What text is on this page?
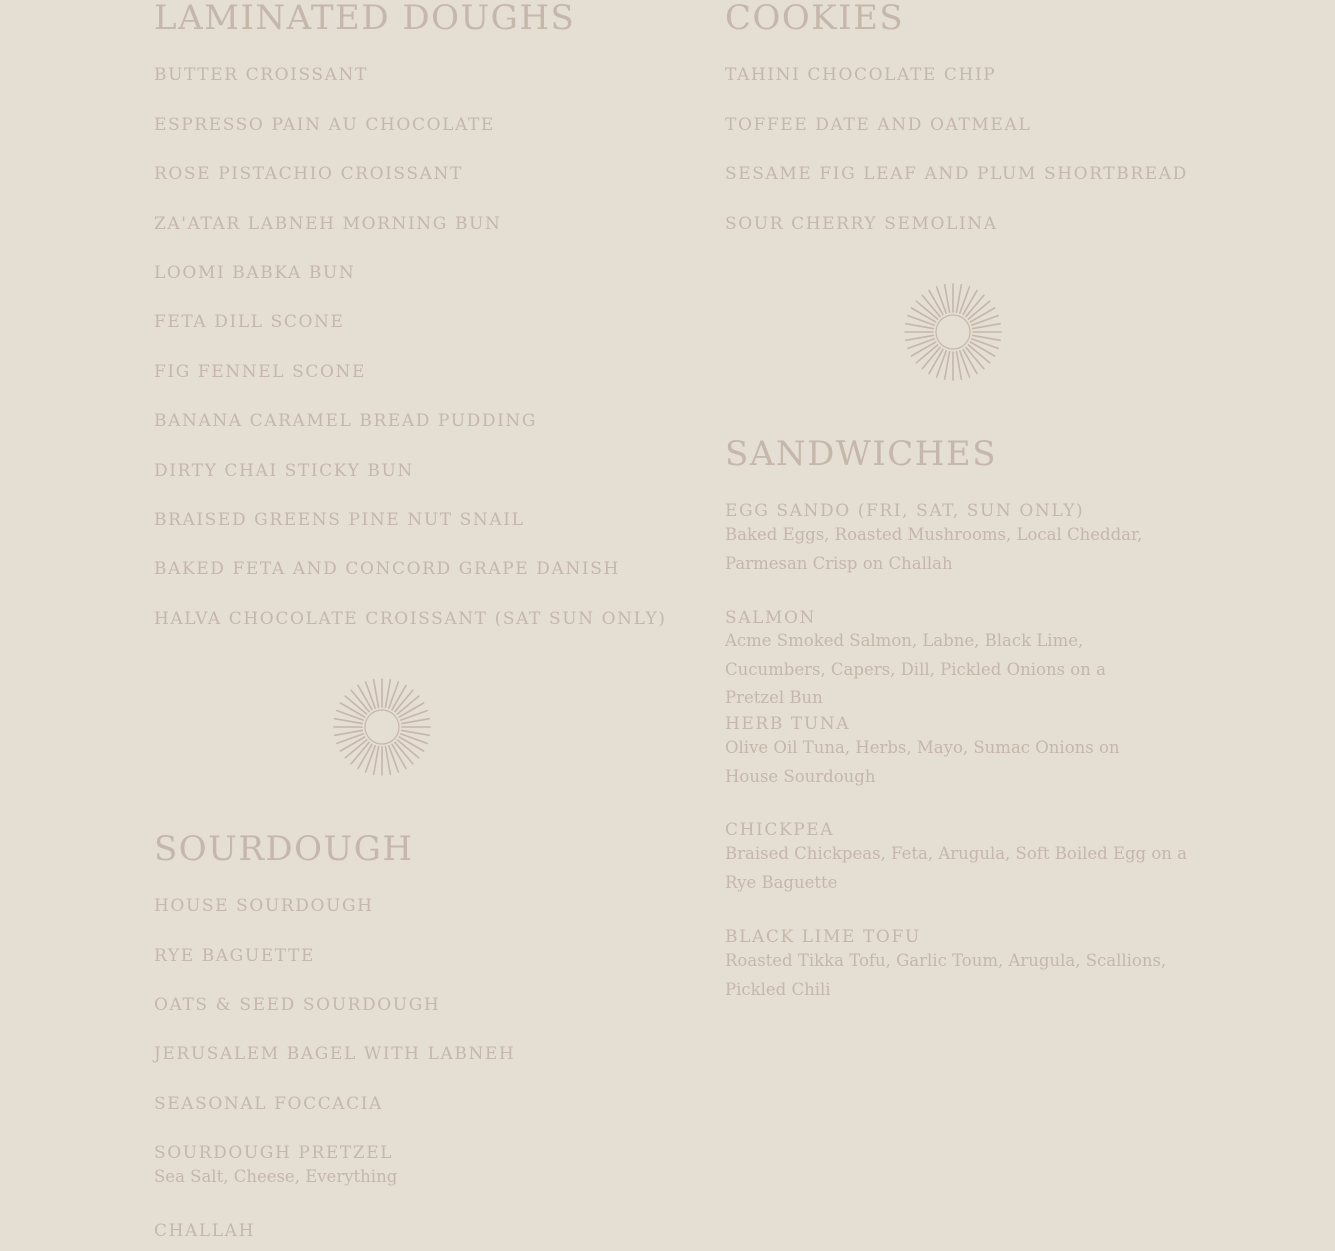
LAMINATED DOUGHS
BUTTER CROISSANT
ESPRESSO PAIN AU CHOCOLATE
ROSE PISTACHIO CROISSANT
ZA'ATAR LABNEH MORNING BUN
LOOMI BABKA BUN
FETA DILL SCONE
FIG FENNEL SCONE
BANANA CARAMEL BREAD PUDDING
DIRTY CHAI STICKY BUN
BRAISED GREENS PINE NUT SNAIL
BAKED FETA AND CONCORD GRAPE DANISH
HALVA CHOCOLATE CROISSANT (SAT SUN ONLY)
SOURDOUGH
HOUSE SOURDOUGH
RYE BAGUETTE
OATS & SEED SOURDOUGH
JERUSALEM BAGEL WITH LABNEH
SEASONAL FOCCACIA
SOURDOUGH PRETZEL
Sea Salt, Cheese, Everything
CHALLAH
COOKIES
TAHINI CHOCOLATE CHIP
TOFFEE DATE AND OATMEAL
SESAME FIG LEAF AND PLUM SHORTBREAD
SOUR CHERRY SEMOLINA
SANDWICHES
EGG SANDO (FRI, SAT, SUN ONLY)
Baked Eggs, Roasted Mushrooms, Local Cheddar, Parmesan Crisp on Challah
SALMON
Acme Smoked Salmon, Labne, Black Lime, Cucumbers, Capers, Dill, Pickled Onions on a Pretzel Bun
HERB TUNA
Olive Oil Tuna, Herbs, Mayo, Sumac Onions on House Sourdough
CHICKPEA
Braised Chickpeas, Feta, Arugula, Soft Boiled Egg on a Rye Baguette
BLACK LIME TOFU
Roasted Tikka Tofu, Garlic Toum, Arugula, Scallions, Pickled Chili
